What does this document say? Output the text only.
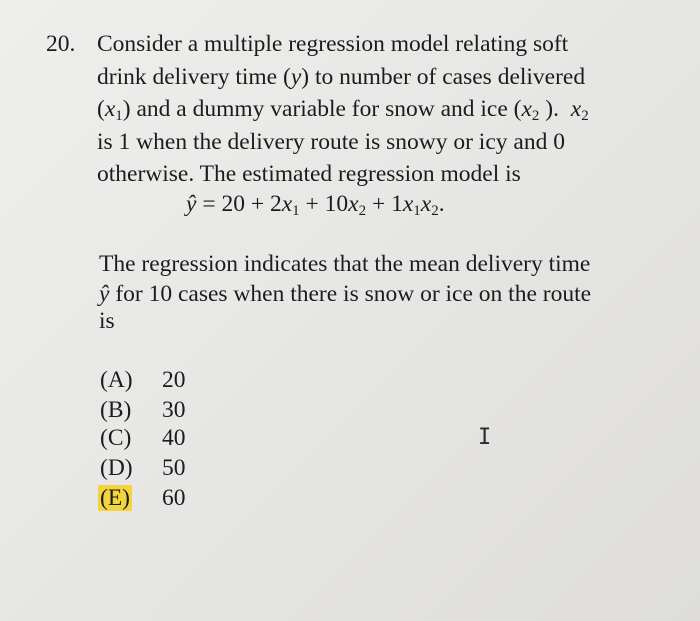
20. Consider a multiple regression model relating soft
drink delivery time (y) to number of cases delivered
$(x_1)$ and a dummy variable for snow and ice ($x_2$ ).  $x_2$
is 1 when the delivery route is snowy or icy and 0
otherwise. The estimated regression model is
ŷ = $20 + 2x_1 + 10x_2 + 1x_1x_2$.
The regression indicates that the mean delivery time
ŷ for 10 cases when there is snow or ice on the route
is
(A) 20
(B) 30
(C) 40
(D) 50
(E) 60
I
